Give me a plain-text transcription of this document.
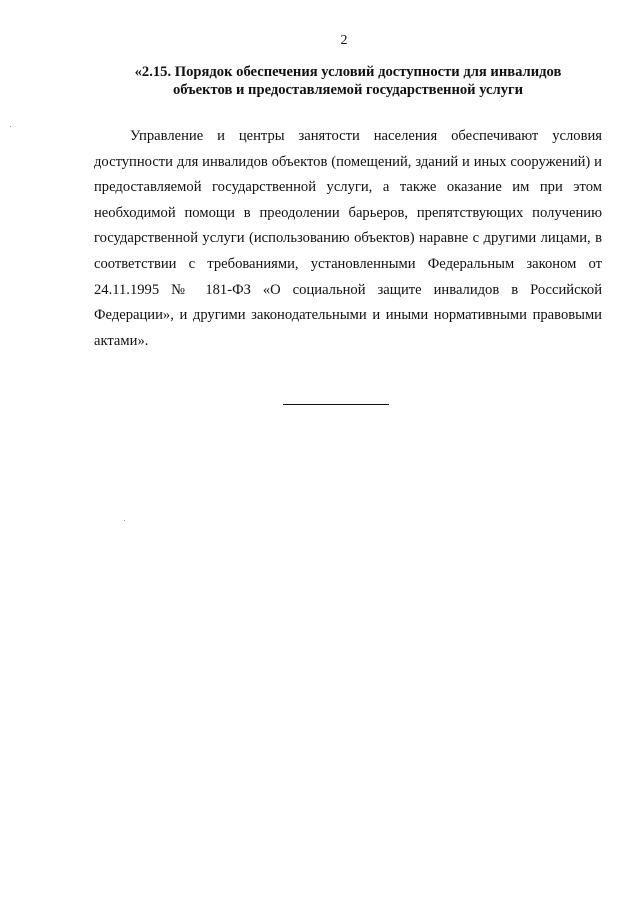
2
«2.15. Порядок обеспечения условий доступности для инвалидов
объектов и предоставляемой государственной услуги

Управление и центры занятости населения обеспечивают условия доступности для инвалидов объектов (помещений, зданий и иных сооружений) и предоставляемой государственной услуги, а также оказание им при этом необходимой помощи в преодолении барьеров, препятствующих получению государственной услуги (использованию объектов) наравне с другими лицами, в соответствии с требованиями, установленными Федеральным законом от 24.11.1995 № 181-ФЗ «О социальной защите инвалидов в Российской Федерации», и другими законодательными и иными нормативными правовыми актами».
